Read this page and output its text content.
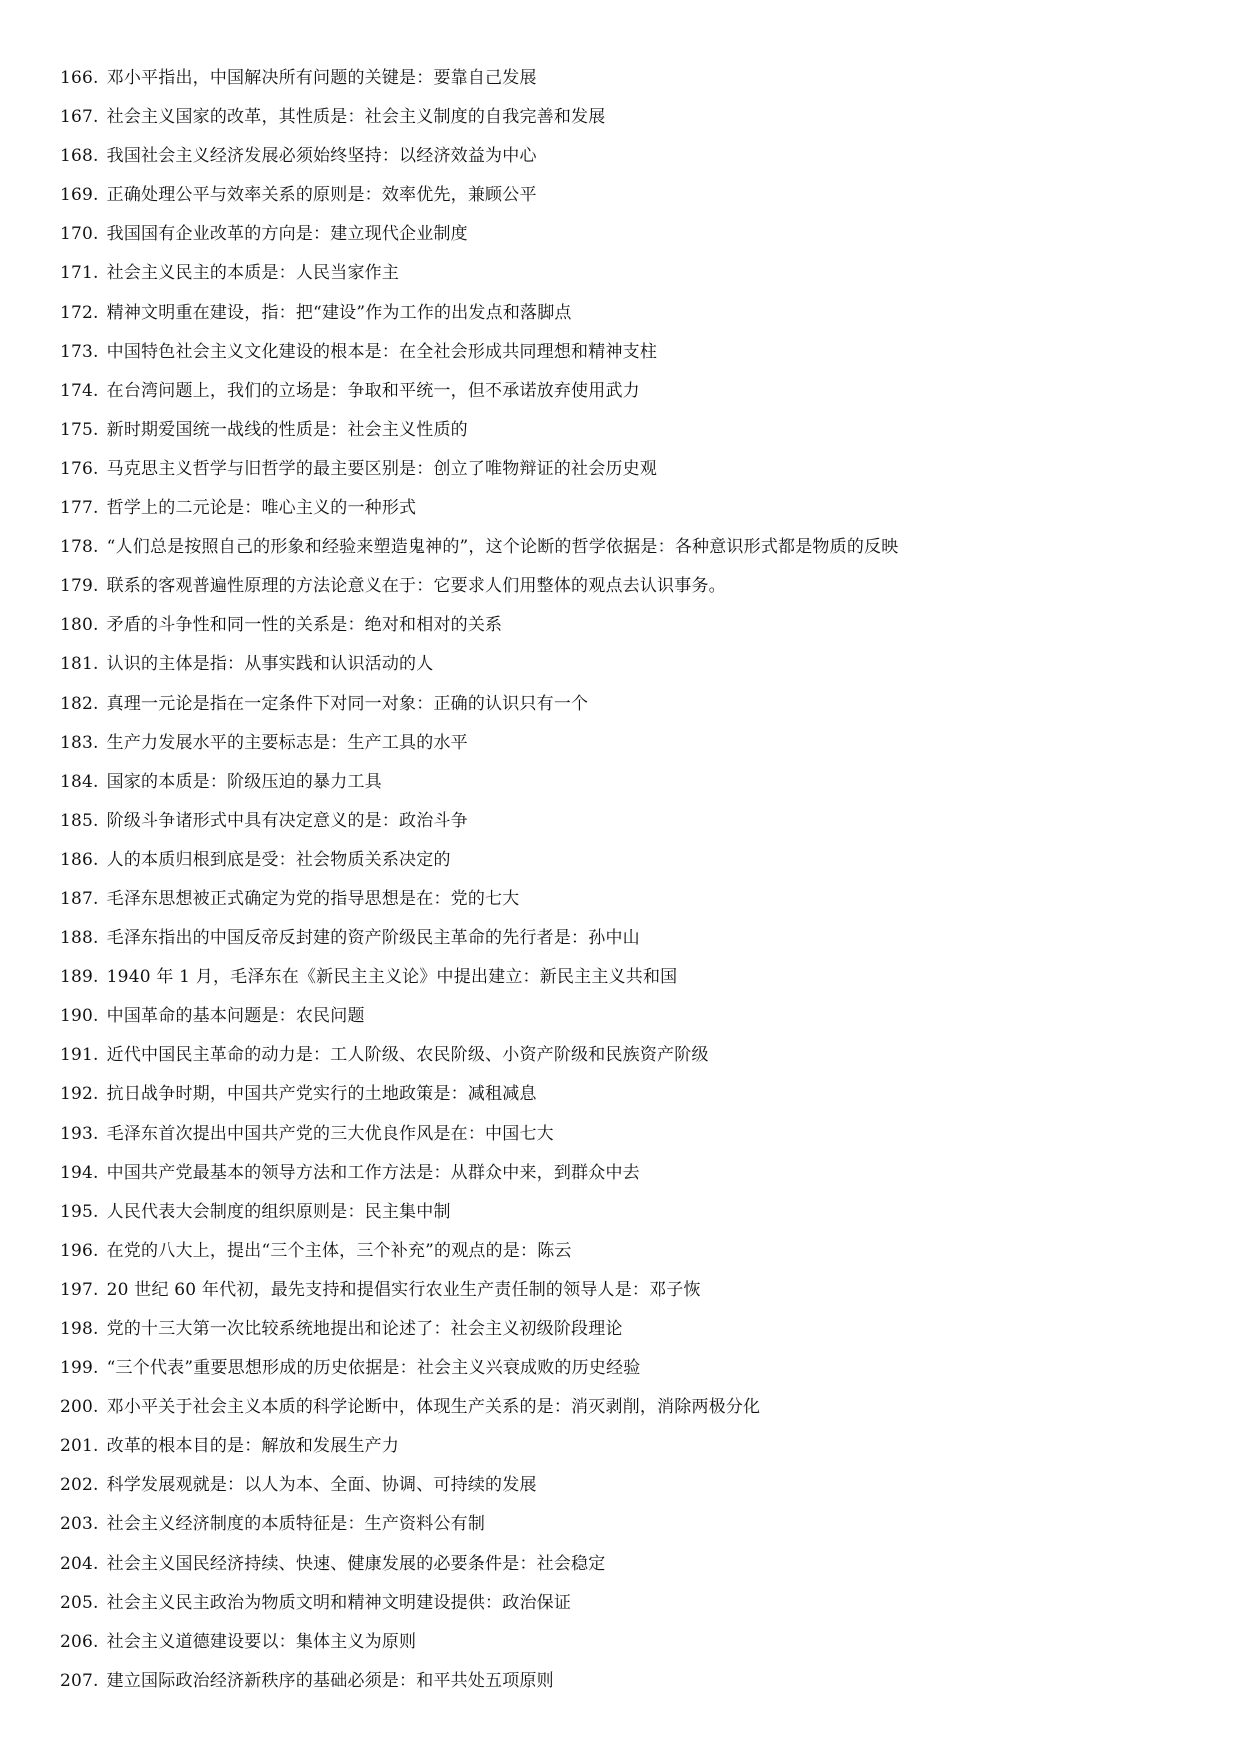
166. 邓小平指出，中国解决所有问题的关键是：要靠自己发展
167. 社会主义国家的改革，其性质是：社会主义制度的自我完善和发展
168. 我国社会主义经济发展必须始终坚持：以经济效益为中心
169. 正确处理公平与效率关系的原则是：效率优先，兼顾公平
170. 我国国有企业改革的方向是：建立现代企业制度
171. 社会主义民主的本质是：人民当家作主
172. 精神文明重在建设，指：把“建设”作为工作的出发点和落脚点
173. 中国特色社会主义文化建设的根本是：在全社会形成共同理想和精神支柱
174. 在台湾问题上，我们的立场是：争取和平统一，但不承诺放弃使用武力
175. 新时期爱国统一战线的性质是：社会主义性质的
176. 马克思主义哲学与旧哲学的最主要区别是：创立了唯物辩证的社会历史观
177. 哲学上的二元论是：唯心主义的一种形式
178. “人们总是按照自己的形象和经验来塑造鬼神的”，这个论断的哲学依据是：各种意识形式都是物质的反映
179. 联系的客观普遍性原理的方法论意义在于：它要求人们用整体的观点去认识事务。
180. 矛盾的斗争性和同一性的关系是：绝对和相对的关系
181. 认识的主体是指：从事实践和认识活动的人
182. 真理一元论是指在一定条件下对同一对象：正确的认识只有一个
183. 生产力发展水平的主要标志是：生产工具的水平
184. 国家的本质是：阶级压迫的暴力工具
185. 阶级斗争诸形式中具有决定意义的是：政治斗争
186. 人的本质归根到底是受：社会物质关系决定的
187. 毛泽东思想被正式确定为党的指导思想是在：党的七大
188. 毛泽东指出的中国反帝反封建的资产阶级民主革命的先行者是：孙中山
189. 1940 年 1 月，毛泽东在《新民主主义论》中提出建立：新民主主义共和国
190. 中国革命的基本问题是：农民问题
191. 近代中国民主革命的动力是：工人阶级、农民阶级、小资产阶级和民族资产阶级
192. 抗日战争时期，中国共产党实行的土地政策是：减租减息
193. 毛泽东首次提出中国共产党的三大优良作风是在：中国七大
194. 中国共产党最基本的领导方法和工作方法是：从群众中来，到群众中去
195. 人民代表大会制度的组织原则是：民主集中制
196. 在党的八大上，提出“三个主体，三个补充”的观点的是：陈云
197. 20 世纪 60 年代初，最先支持和提倡实行农业生产责任制的领导人是：邓子恢
198. 党的十三大第一次比较系统地提出和论述了：社会主义初级阶段理论
199. “三个代表”重要思想形成的历史依据是：社会主义兴衰成败的历史经验
200. 邓小平关于社会主义本质的科学论断中，体现生产关系的是：消灭剥削，消除两极分化
201. 改革的根本目的是：解放和发展生产力
202. 科学发展观就是：以人为本、全面、协调、可持续的发展
203. 社会主义经济制度的本质特征是：生产资料公有制
204. 社会主义国民经济持续、快速、健康发展的必要条件是：社会稳定
205. 社会主义民主政治为物质文明和精神文明建设提供：政治保证
206. 社会主义道德建设要以：集体主义为原则
207. 建立国际政治经济新秩序的基础必须是：和平共处五项原则
